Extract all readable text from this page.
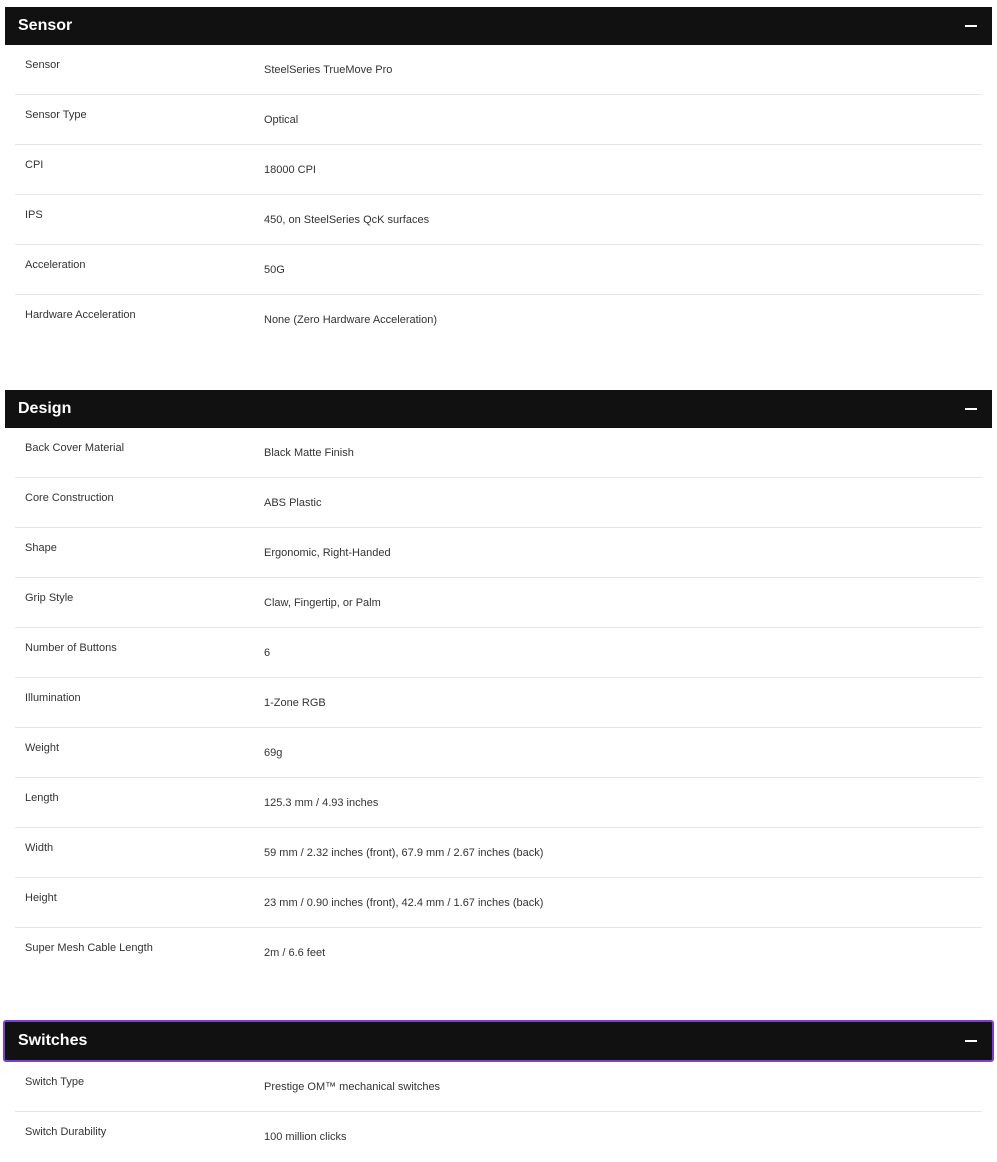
Sensor
Sensor	SteelSeries TrueMove Pro
Sensor Type	Optical
CPI	18000 CPI
IPS	450, on SteelSeries QcK surfaces
Acceleration	50G
Hardware Acceleration	None (Zero Hardware Acceleration)
Design
Back Cover Material	Black Matte Finish
Core Construction	ABS Plastic
Shape	Ergonomic, Right-Handed
Grip Style	Claw, Fingertip, or Palm
Number of Buttons	6
Illumination	1-Zone RGB
Weight	69g
Length	125.3 mm / 4.93 inches
Width	59 mm / 2.32 inches (front), 67.9 mm / 2.67 inches (back)
Height	23 mm / 0.90 inches (front), 42.4 mm / 1.67 inches (back)
Super Mesh Cable Length	2m / 6.6 feet
Switches
Switch Type	Prestige OM™ mechanical switches
Switch Durability	100 million clicks
